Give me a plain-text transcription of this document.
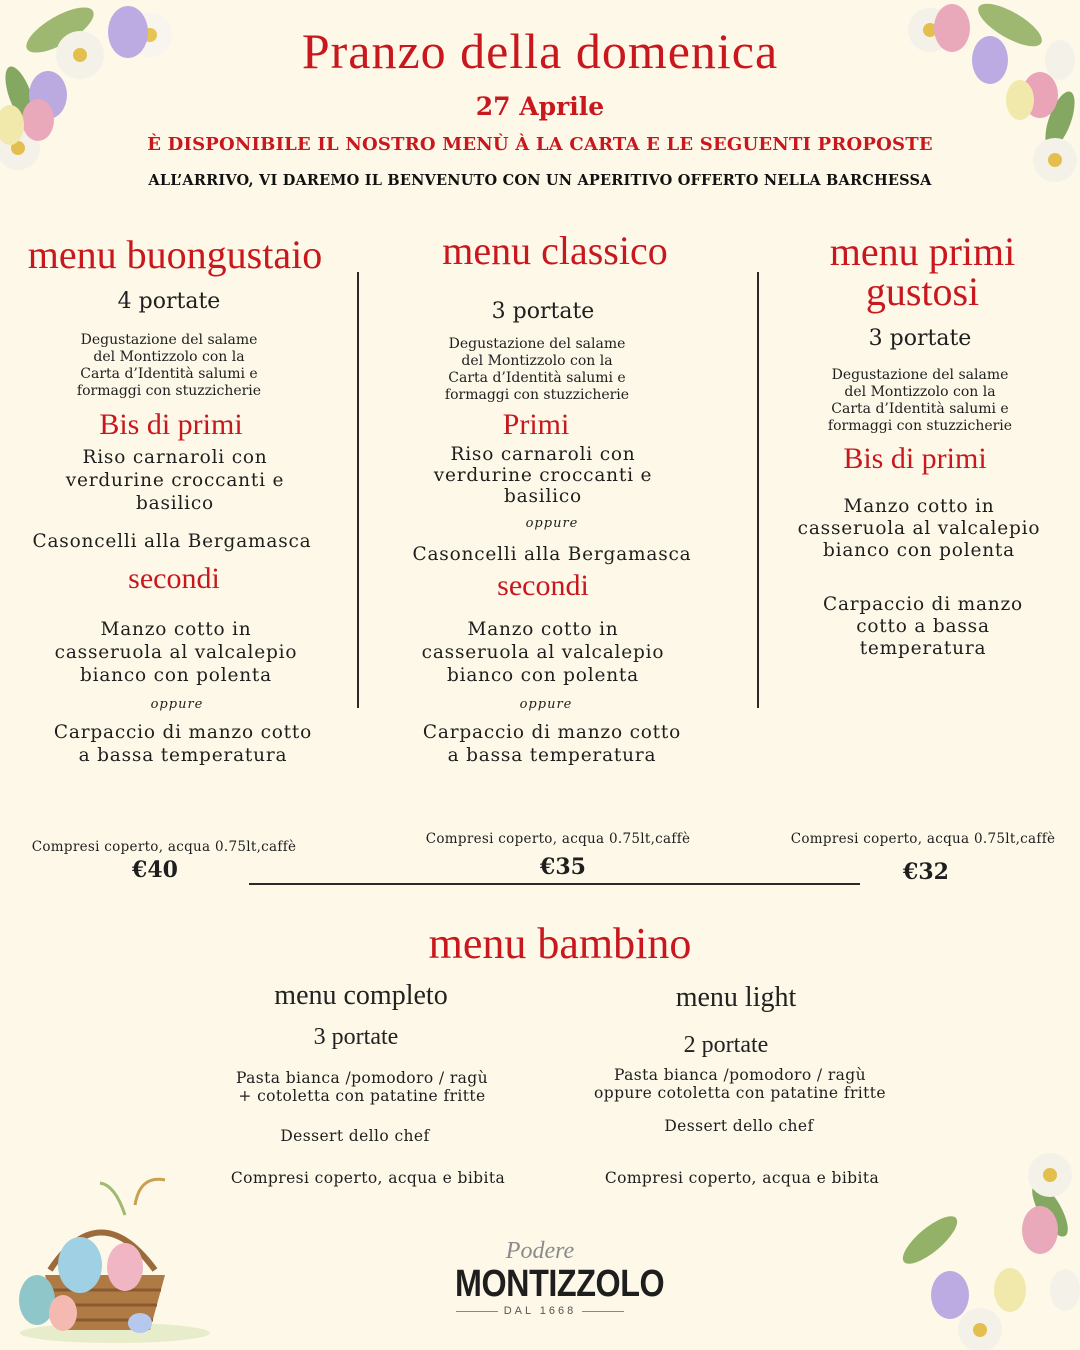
Pranzo della domenica
27 Aprile
È DISPONIBILE IL NOSTRO MENÙ À LA CARTA E LE SEGUENTI PROPOSTE
ALL’ARRIVO, VI DAREMO IL BENVENUTO CON UN APERITIVO OFFERTO NELLA BARCHESSA
menu buongustaio
4 portate
Degustazione del salame
del Montizzolo con la
Carta d’Identità salumi e
formaggi con stuzzicherie
Bis di primi
Riso carnaroli con
verdurine croccanti e
basilico
Casoncelli alla Bergamasca
secondi
Manzo cotto in
casseruola al valcalepio
bianco con polenta
oppure
Carpaccio di manzo cotto
a bassa temperatura
Compresi coperto, acqua 0.75lt,caffè
€40
menu classico
3 portate
Degustazione del salame
del Montizzolo con la
Carta d’Identità salumi e
formaggi con stuzzicherie
Primi
Riso carnaroli con
verdurine croccanti e
basilico
oppure
Casoncelli alla Bergamasca
secondi
Manzo cotto in
casseruola al valcalepio
bianco con polenta
oppure
Carpaccio di manzo cotto
a bassa temperatura
Compresi coperto, acqua 0.75lt,caffè
€35
menu primi
gustosi
3 portate
Degustazione del salame
del Montizzolo con la
Carta d’Identità salumi e
formaggi con stuzzicherie
Bis di primi
Manzo cotto in
casseruola al valcalepio
bianco con polenta
Carpaccio di manzo
cotto a bassa
temperatura
Compresi coperto, acqua 0.75lt,caffè
€32
menu bambino
menu completo
3 portate
Pasta bianca /pomodoro / ragù
+ cotoletta con patatine fritte
Dessert dello chef
Compresi coperto, acqua e bibita
menu light
2 portate
Pasta bianca /pomodoro / ragù
oppure cotoletta con patatine fritte
Dessert dello chef
Compresi coperto, acqua e bibita
Podere
MONTIZZOLO
DAL 1668
